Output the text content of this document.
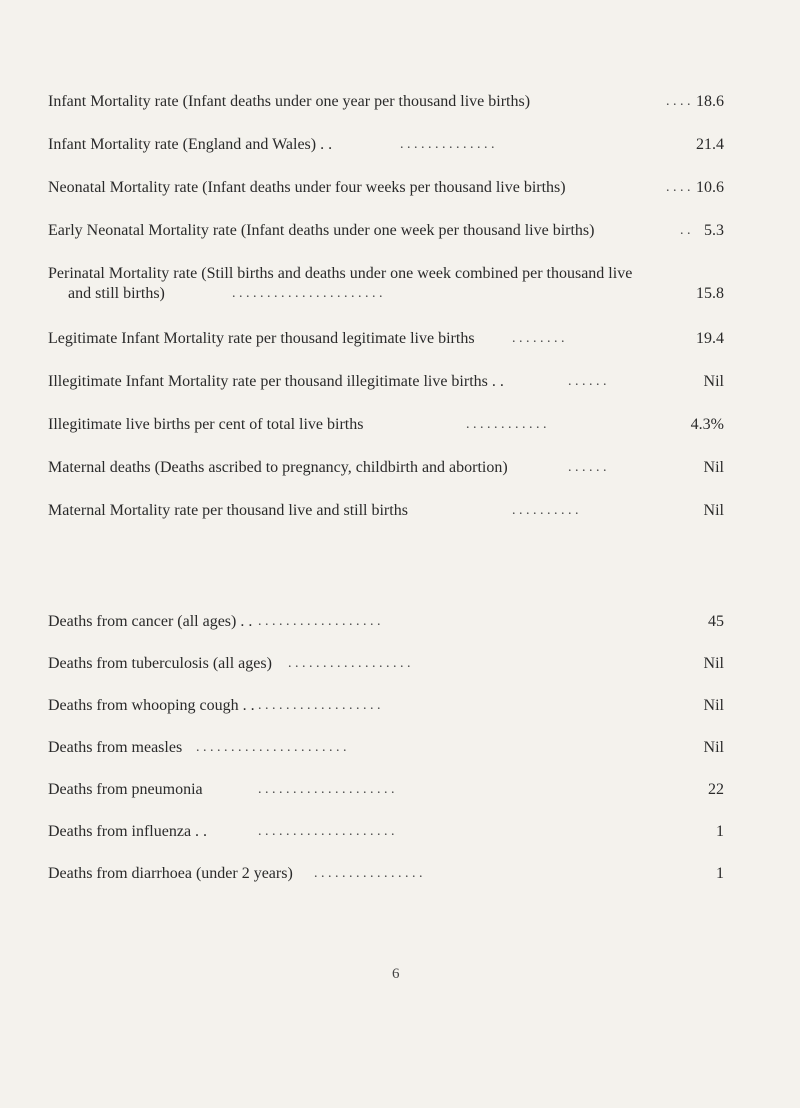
Infant Mortality rate (Infant deaths under one year per thousand live births)	. . . . 18.6
Infant Mortality rate (England and Wales) . .	. . . . . . . . . . . . . .	21.4
Neonatal Mortality rate (Infant deaths under four weeks per thousand live births)	. . . . 10.6
Early Neonatal Mortality rate (Infant deaths under one week per thousand live births)	. . 5.3
Perinatal Mortality rate (Still births and deaths under one week combined per thousand live
and still births)	. . . . . . . . . . . . . . . . . . . . . .	15.8
Legitimate Infant Mortality rate per thousand legitimate live births	. . . . . . . .	19.4
Illegitimate Infant Mortality rate per thousand illegitimate live births . .	. . . . . .	Nil
Illegitimate live births per cent of total live births	. . . . . . . . . . . .	4.3%
Maternal deaths (Deaths ascribed to pregnancy, childbirth and abortion)	. . . . . .	Nil
Maternal Mortality rate per thousand live and still births	. . . . . . . . . .	Nil
Deaths from cancer (all ages) . . . . . . . . . . . . . . . . . . . .	45
Deaths from tuberculosis (all ages) . . . . . . . . . . . . . . . . . .	Nil
Deaths from whooping cough . . . . . . . . . . . . . . . . . . . .	Nil
Deaths from measles . . . . . . . . . . . . . . . . . . . . . .	Nil
Deaths from pneumonia	. . . . . . . . . . . . . . . . . . . .	22
Deaths from influenza . .	. . . . . . . . . . . . . . . . . . . .	1
Deaths from diarrhoea (under 2 years) . . . . . . . . . . . . . . . .	1
6
